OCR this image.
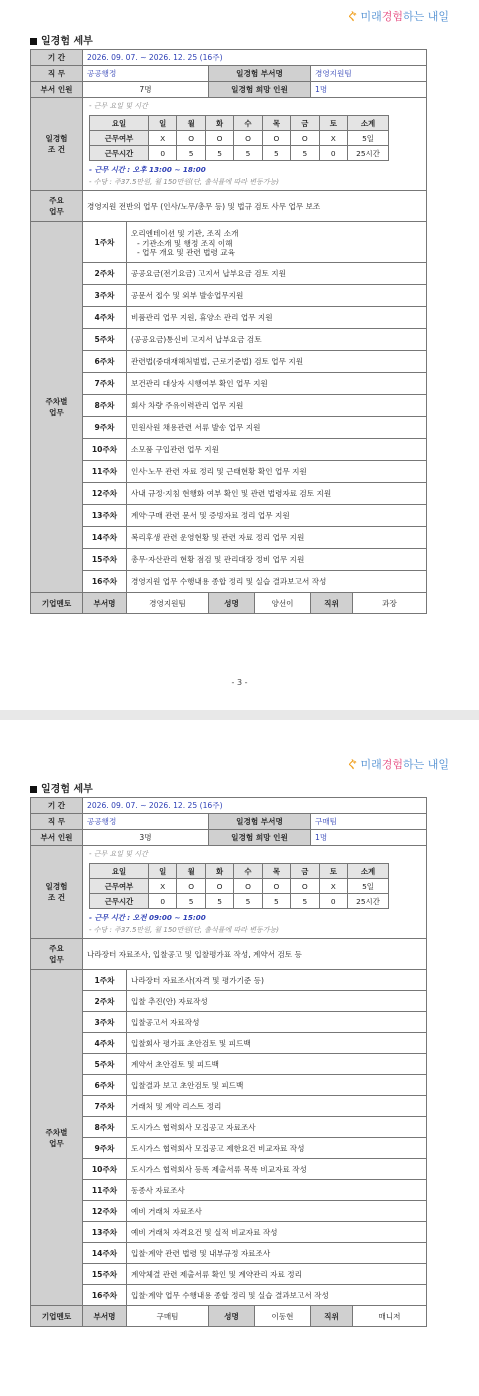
ぐ 미래경험하는 내일
일경험 세부
기 간	2026. 09. 07. ~ 2026. 12. 25 (16주)
직 무	공공행정	일경험 부서명	경영지원팀
부서 인원	7명	일경험 희망 인원	1명
일경험
조 건	
- 근무 요일 및 시간
요일	일	월	화	수	목	금	토	소계
근무여부	X	O	O	O	O	O	X	5일
근무시간	0	5	5	5	5	5	0	25시간
- 근무 시간 : 오후 13:00 ~ 18:00
- 수당 : 주37.5만원, 월 150만원(단, 출석률에 따라 변동가능)

주요
업무	경영지원 전반의 업무 (인사/노무/총무 등) 및 법규 검토 사무 업무 보조
주차별
업무	1주차	오리엔테이션 및 기관, 조직 소개
- 기관소개 및 행정 조직 이해
- 업무 개요 및 관련 법령 교육

2주차	공공요금(전기요금) 고지서 납부요금 검토 지원
3주차	공문서 접수 및 외부 발송업무지원
4주차	비품관리 업무 지원, 휴양소 관리 업무 지원
5주차	(공공요금)통신비 고지서 납부요금 검토
6주차	관련법(중대재해처벌법, 근로기준법) 검토 업무 지원
7주차	보건관리 대상자 시행여부 확인 업무 지원
8주차	회사 차량 주유이력관리 업무 지원
9주차	민원사원 채용관련 서류 발송 업무 지원
10주차	소모품 구입관련 업무 지원
11주차	인사·노무 관련 자료 정리 및 근태현황 확인 업무 지원
12주차	사내 규정·지침 현행화 여부 확인 및 관련 법령자료 검토 지원
13주차	계약·구매 관련 문서 및 증빙자료 정리 업무 지원
14주차	복리후생 관련 운영현황 및 관련 자료 정리 업무 지원
15주차	총무·자산관리 현황 점검 및 관리대장 정비 업무 지원
16주차	경영지원 업무 수행내용 종합 정리 및 실습 결과보고서 작성
기업멘토	부서명	경영지원팀	성명	양선이	직위	과장
- 3 -
ぐ 미래경험하는 내일
일경험 세부
기 간	2026. 09. 07. ~ 2026. 12. 25 (16주)
직 무	공공행정	일경험 부서명	구매팀
부서 인원	3명	일경험 희망 인원	1명
일경험
조 건	
- 근무 요일 및 시간
요일	일	월	화	수	목	금	토	소계
근무여부	X	O	O	O	O	O	X	5일
근무시간	0	5	5	5	5	5	0	25시간
- 근무 시간 : 오전 09:00 ~ 15:00
- 수당 : 주37.5만원, 월 150만원(단, 출석률에 따라 변동가능)

주요
업무	나라장터 자료조사, 입찰공고 및 입찰평가표 작성, 계약서 검토 등
주차별
업무	1주차	나라장터 자료조사(자격 및 평가기준 등)
2주차	입찰 추진(안) 자료작성
3주차	입찰공고서 자료작성
4주차	입찰회사 평가표 초안검토 및 피드백
5주차	계약서 초안검토 및 피드백
6주차	입찰결과 보고 초안검토 및 피드백
7주차	거래처 및 계약 리스트 정리
8주차	도시가스 협력회사 모집공고 자료조사
9주차	도시가스 협력회사 모집공고 제한요건 비교자료 작성
10주차	도시가스 협력회사 등록 제출서류 목록 비교자료 작성
11주차	동종사 자료조사
12주차	예비 거래처 자료조사
13주차	예비 거래처 자격요건 및 실적 비교자료 작성
14주차	입찰·계약 관련 법령 및 내부규정 자료조사
15주차	계약체결 관련 제출서류 확인 및 계약관리 자료 정리
16주차	입찰·계약 업무 수행내용 종합 정리 및 실습 결과보고서 작성
기업멘토	부서명	구매팀	성명	이동현	직위	매니저
